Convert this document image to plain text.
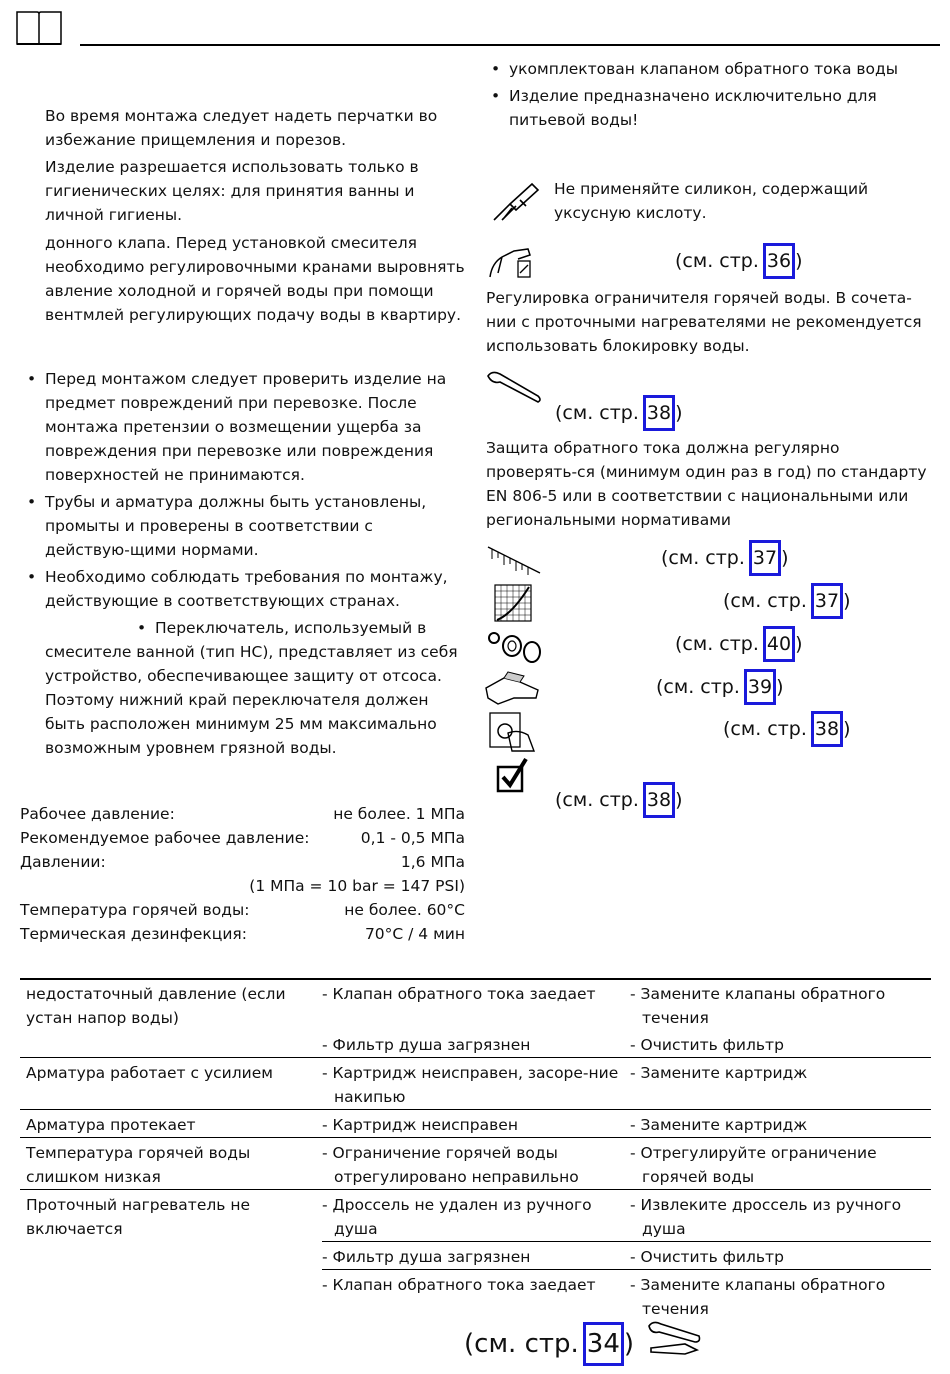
Во время монтажа следует надеть перчатки во избежание прищемления и порезов.

Изделие разрешается использовать только в гигиенических целях: для принятия ванны и личной гигиены.

донного клапа. Перед установкой смесителя необходимо регулировочными кранами выровнять авление холодной и горячей воды при помощи вентмлей регулирующих подачу воды в квартиру.

• Перед монтажом следует проверить изделие на предмет повреждений при перевозке. После монтажа претензии о возмещении ущерба за повреждения при перевозке или повреждения поверхностей не принимаются.

• Трубы и арматура должны быть установлены, промыты и проверены в соответствии с действую-щими нормами.

• Необходимо соблюдать требования по монтажу, действующие в соответствующих странах.

• Переключатель, используемый в смесителе ванной (тип HC), представляет из себя устройство, обеспечивающее защиту от отсоса. Поэтому нижний край переключателя должен быть расположен минимум 25 мм максимально возможным уровнем грязной воды.

Рабочее давление:	не более. 1 МПа
Рекомендуемое рабочее давление:	0,1 - 0,5 МПа
Давлении:	1,6 МПа
(1 МПа = 10 bar = 147 PSI)
Температура горячей воды:	не более. 60°C
Термическая дезинфекция:	70°C / 4 мин

• укомплектован клапаном обратного тока воды

• Изделие предназначено исключительно для питьевой воды!

Не применяйте силикон, содержащий уксусную кислоту.

(см. стр. 36 )

Регулировка ограничителя горячей воды. В сочета-нии с проточными нагревателями не рекомендуется использовать блокировку воды.

(см. стр. 38 )

Защита обратного тока должна регулярно проверять-ся (минимум один раз в год) по стандарту EN 806-5 или в соответствии с национальными или региональными нормативами

(см. стр. 37 )
(см. стр. 37 )
(см. стр. 40 )
(см. стр. 39 )
(см. стр. 38 )
(см. стр. 38 )
недостаточный давление (если устан напор воды)	- Клапан обратного тока заедает	- Замените клапаны обратного течения
	- Фильтр душа загрязнен	- Очистить фильтр
Арматура работает с усилием	- Картридж неисправен, засоре-ние накипью	- Замените картридж
Арматура протекает	- Картридж неисправен	- Замените картридж
Температура горячей воды слишком низкая	- Ограничение горячей воды отрегулировано неправильно	- Отрегулируйте ограничение горячей воды
Проточный нагреватель не включается	- Дроссель не удален из ручного душа	- Извлеките дроссель из ручного душа
	- Фильтр душа загрязнен	- Очистить фильтр
	- Клапан обратного тока заедает	- Замените клапаны обратного течения
(см. стр. 34 )
